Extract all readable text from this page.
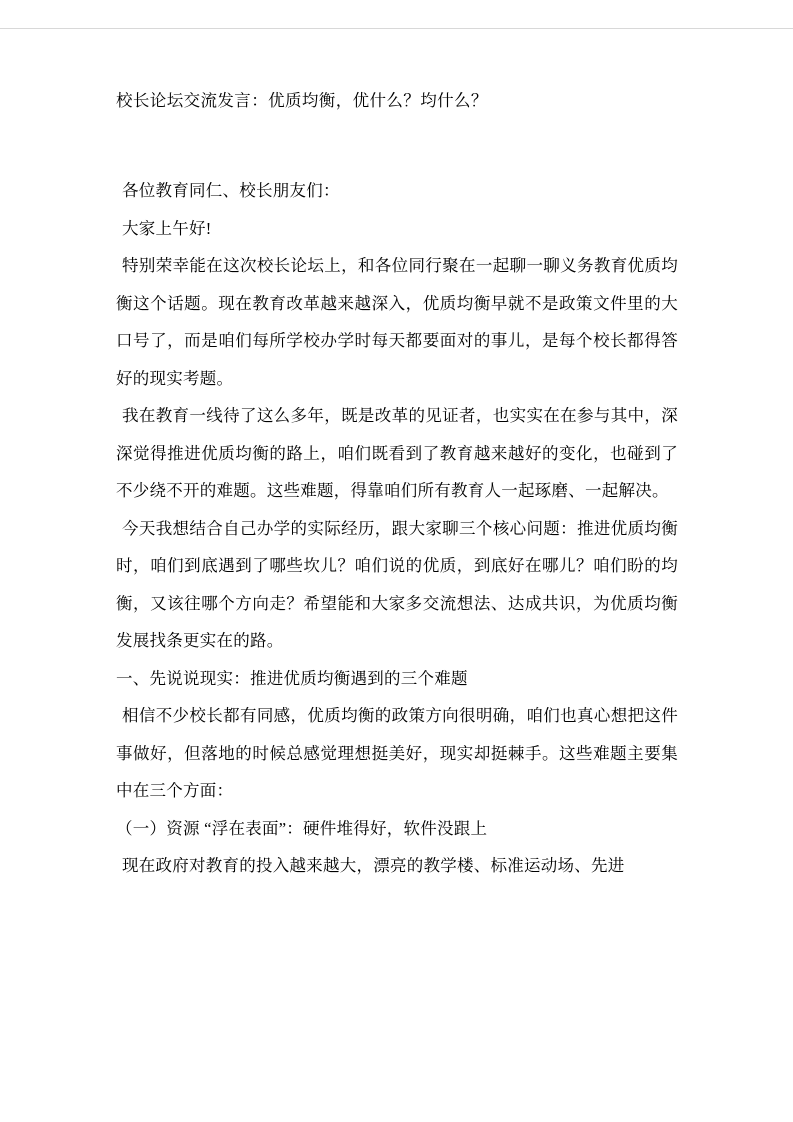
校长论坛交流发言：优质均衡，优什么？均什么？

各位教育同仁、校长朋友们：

大家上午好!

特别荣幸能在这次校长论坛上，和各位同行聚在一起聊一聊义务教育优质均衡这个话题。现在教育改革越来越深入，优质均衡早就不是政策文件里的大口号了，而是咱们每所学校办学时每天都要面对的事儿，是每个校长都得答好的现实考题。

我在教育一线待了这么多年，既是改革的见证者，也实实在在参与其中，深深觉得推进优质均衡的路上，咱们既看到了教育越来越好的变化，也碰到了不少绕不开的难题。这些难题，得靠咱们所有教育人一起琢磨、一起解决。

今天我想结合自己办学的实际经历，跟大家聊三个核心问题：推进优质均衡时，咱们到底遇到了哪些坎儿？咱们说的优质，到底好在哪儿？咱们盼的均衡，又该往哪个方向走？希望能和大家多交流想法、达成共识，为优质均衡发展找条更实在的路。

一、先说说现实：推进优质均衡遇到的三个难题

相信不少校长都有同感，优质均衡的政策方向很明确，咱们也真心想把这件事做好，但落地的时候总感觉理想挺美好，现实却挺棘手。这些难题主要集中在三个方面：

（一）资源 “浮在表面”：硬件堆得好，软件没跟上

现在政府对教育的投入越来越大，漂亮的教学楼、标准运动场、先进
